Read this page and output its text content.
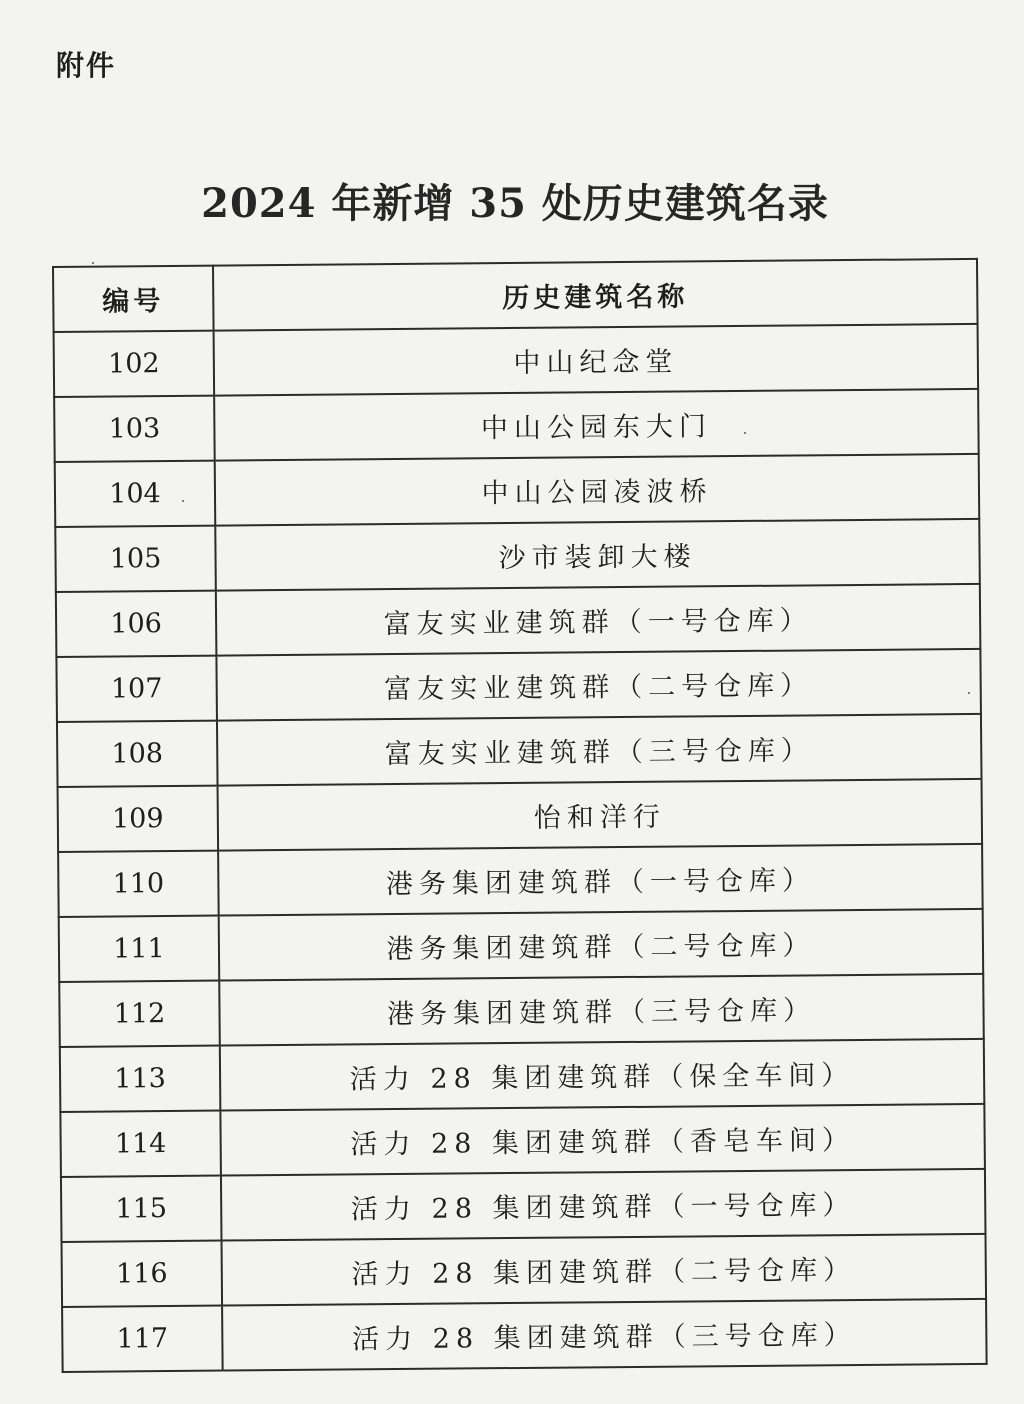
附件
2024 年新增 35 处历史建筑名录
编号	历史建筑名称
102	中山纪念堂
103	中山公园东大门
104	中山公园凌波桥
105	沙市装卸大楼
106	富友实业建筑群（一号仓库）
107	富友实业建筑群（二号仓库）
108	富友实业建筑群（三号仓库）
109	怡和洋行
110	港务集团建筑群（一号仓库）
111	港务集团建筑群（二号仓库）
112	港务集团建筑群（三号仓库）
113	活力 28 集团建筑群（保全车间）
114	活力 28 集团建筑群（香皂车间）
115	活力 28 集团建筑群（一号仓库）
116	活力 28 集团建筑群（二号仓库）
117	活力 28 集团建筑群（三号仓库）
